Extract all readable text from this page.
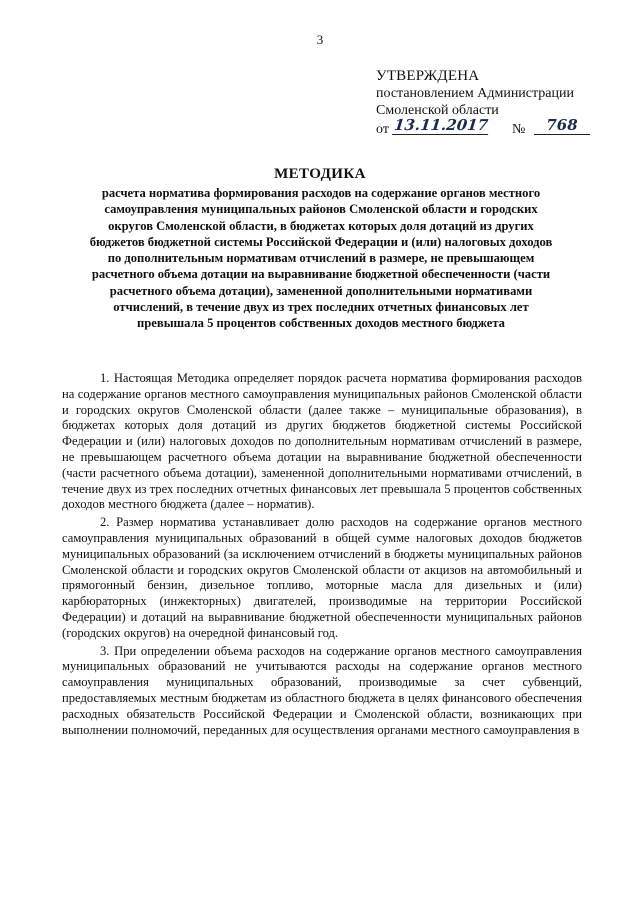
3
УТВЕРЖДЕНА
постановлением Администрации
Смоленской области
от 13.11.2017 №	768
МЕТОДИКА
расчета норматива формирования расходов на содержание органов местного самоуправления муниципальных районов Смоленской области и городских округов Смоленской области, в бюджетах которых доля дотаций из других бюджетов бюджетной системы Российской Федерации и (или) налоговых доходов по дополнительным нормативам отчислений в размере, не превышающем расчетного объема дотации на выравнивание бюджетной обеспеченности (части расчетного объема дотации), замененной дополнительными нормативами отчислений, в течение двух из трех последних отчетных финансовых лет превышала 5 процентов собственных доходов местного бюджета

1. Настоящая Методика определяет порядок расчета норматива формирования расходов на содержание органов местного самоуправления муниципальных районов Смоленской области и городских округов Смоленской области (далее также – муниципальные образования), в бюджетах которых доля дотаций из других бюджетов бюджетной системы Российской Федерации и (или) налоговых доходов по дополнительным нормативам отчислений в размере, не превышающем расчетного объема дотации на выравнивание бюджетной обеспеченности (части расчетного объема дотации), замененной дополнительными нормативами отчислений, в течение двух из трех последних отчетных финансовых лет превышала 5 процентов собственных доходов местного бюджета (далее – норматив).

2. Размер норматива устанавливает долю расходов на содержание органов местного самоуправления муниципальных образований в общей сумме налоговых доходов бюджетов муниципальных образований (за исключением отчислений в бюджеты муниципальных районов Смоленской области и городских округов Смоленской области от акцизов на автомобильный и прямогонный бензин, дизельное топливо, моторные масла для дизельных и (или) карбюраторных (инжекторных) двигателей, производимые на территории Российской Федерации) и дотаций на выравнивание бюджетной обеспеченности муниципальных районов (городских округов) на очередной финансовый год.

3. При определении объема расходов на содержание органов местного самоуправления муниципальных образований не учитываются расходы на содержание органов местного самоуправления муниципальных образований, производимые за счет субвенций, предоставляемых местным бюджетам из областного бюджета в целях финансового обеспечения расходных обязательств Российской Федерации и Смоленской области, возникающих при выполнении полномочий, переданных для осуществления органами местного самоуправления в
